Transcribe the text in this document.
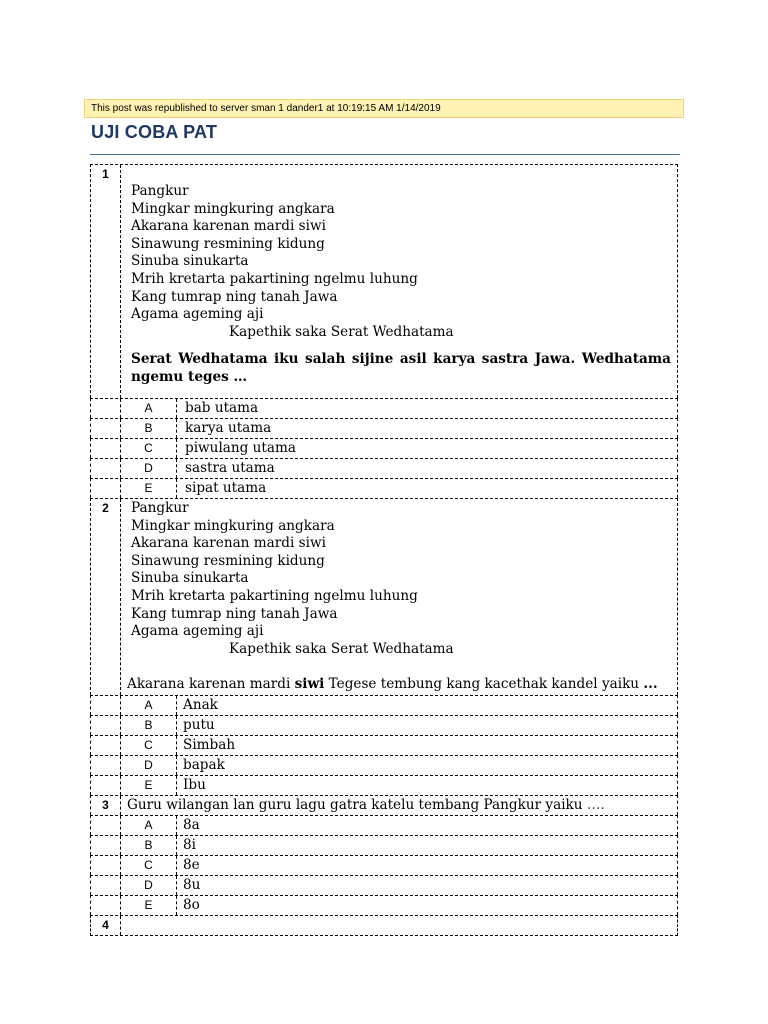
This post was republished to server sman 1 dander1 at 10:19:15 AM 1/14/2019
UJI COBA PAT
1

Pangkur

Mingkar mingkuring angkara

Akarana karenan mardi siwi

Sinawung resmining kidung

Sinuba sinukarta

Mrih kretarta pakartining ngelmu luhung

Kang tumrap ning tanah Jawa

Agama ageming aji

Kapethik saka Serat Wedhatama

Serat Wedhatama iku salah sijine asil karya sastra Jawa. Wedhatama ngemu teges …

A	bab utama
B	karya utama
C	piwulang utama
D	sastra utama
E	sipat utama
2	Pangkur

Mingkar mingkuring angkara

Akarana karenan mardi siwi

Sinawung resmining kidung

Sinuba sinukarta

Mrih kretarta pakartining ngelmu luhung

Kang tumrap ning tanah Jawa

Agama ageming aji

Kapethik saka Serat Wedhatama

Akarana karenan mardi siwi Tegese tembung kang kacethak kandel yaiku ...

A	Anak
B	putu
C	Simbah
D	bapak
E	Ibu
3	Guru wilangan lan guru lagu gatra katelu tembang Pangkur yaiku ….
A	8a
B	8i
C	8e
D	8u
E	8o
4
